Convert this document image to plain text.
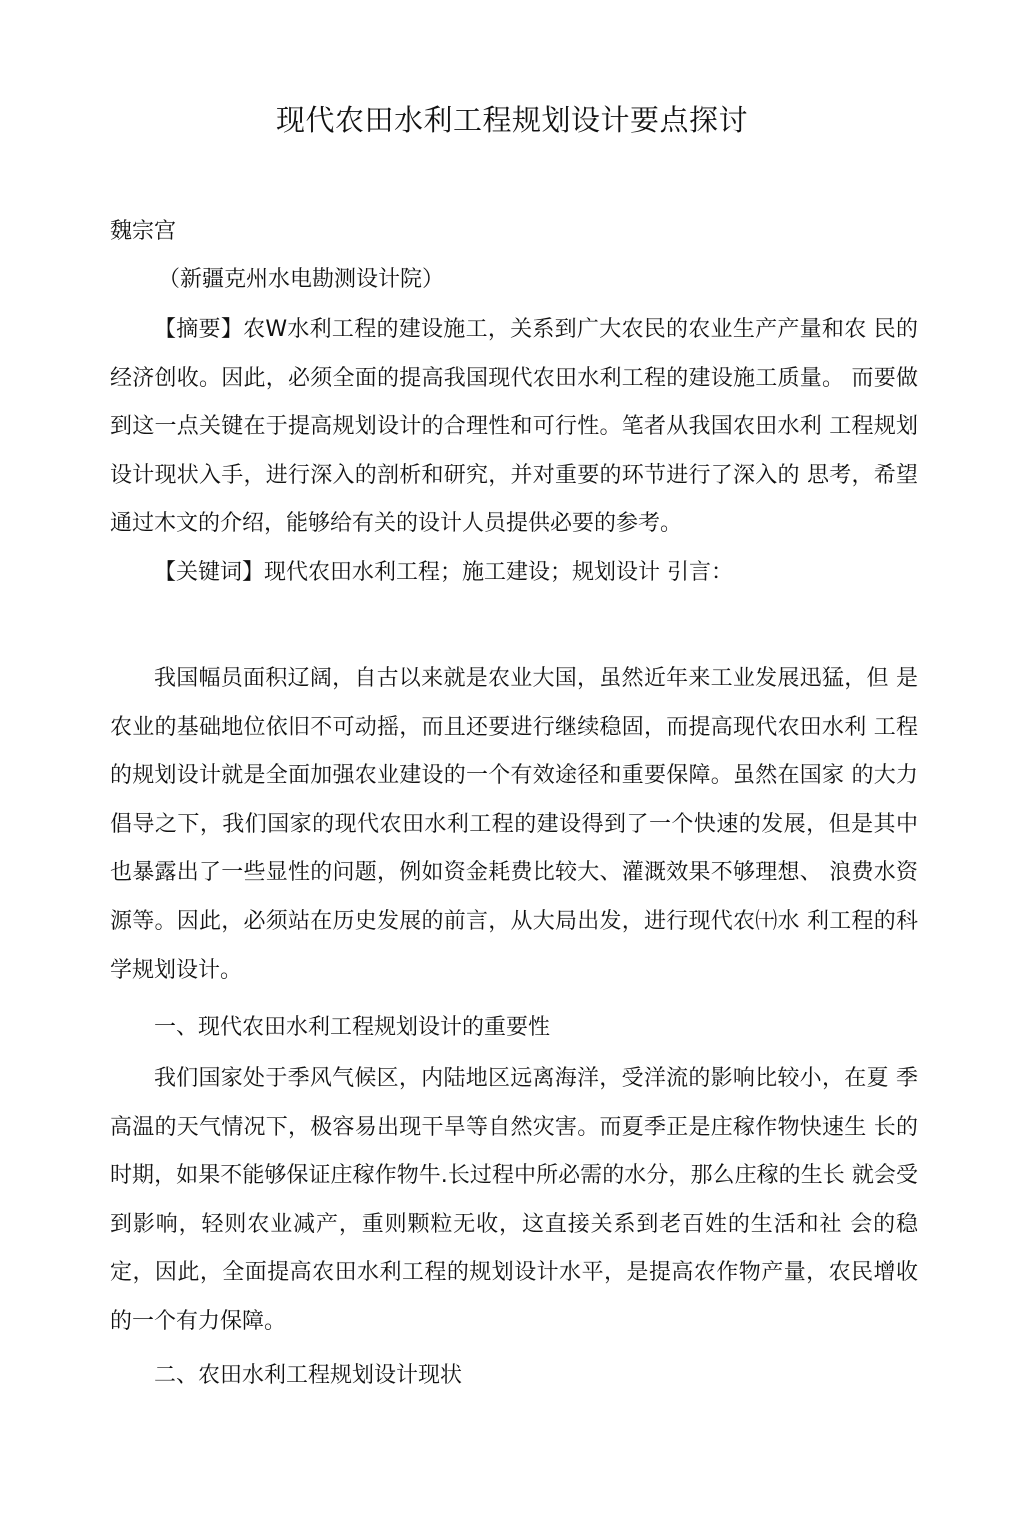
现代农田水利工程规划设计要点探讨

魏宗宫

（新疆克州水电勘测设计院）

【摘要】农W水利工程的建设施工，关系到广大农民的农业生产产量和农 民的经济创收。因此，必须全面的提高我国现代农田水利工程的建设施工质量。 而要做到这一点关键在于提高规划设计的合理性和可行性。笔者从我国农田水利 工程规划设计现状入手，进行深入的剖析和研究，并对重要的环节进行了深入的 思考，希望通过木文的介绍，能够给有关的设计人员提供必要的参考。

【关键词】现代农田水利工程；施工建设；规划设计 引言：

我国幅员面积辽阔，自古以来就是农业大国，虽然近年来工业发展迅猛，但 是农业的基础地位依旧不可动摇，而且还要进行继续稳固，而提高现代农田水利 工程的规划设计就是全面加强农业建设的一个有效途径和重要保障。虽然在国家 的大力倡导之下，我们国家的现代农田水利工程的建设得到了一个快速的发展，但是其中也暴露出了一些显性的问题，例如资金耗费比较大、灌溉效果不够理想、 浪费水资源等。因此，必须站在历史发展的前言，从大局出发，进行现代农㈩水 利工程的科学规划设计。

一、现代农田水利工程规划设计的重要性

我们国家处于季风气候区，内陆地区远离海洋，受洋流的影响比较小，在夏 季高温的天气情况下，极容易出现干旱等自然灾害。而夏季正是庄稼作物快速生 长的时期，如果不能够保证庄稼作物牛.长过程中所必需的水分，那么庄稼的生长 就会受到影响，轻则农业减产，重则颗粒无收，这直接关系到老百姓的生活和社 会的稳定，因此，全面提高农田水利工程的规划设计水平，是提高农作物产量，农民增收的一个有力保障。

二、农田水利工程规划设计现状
